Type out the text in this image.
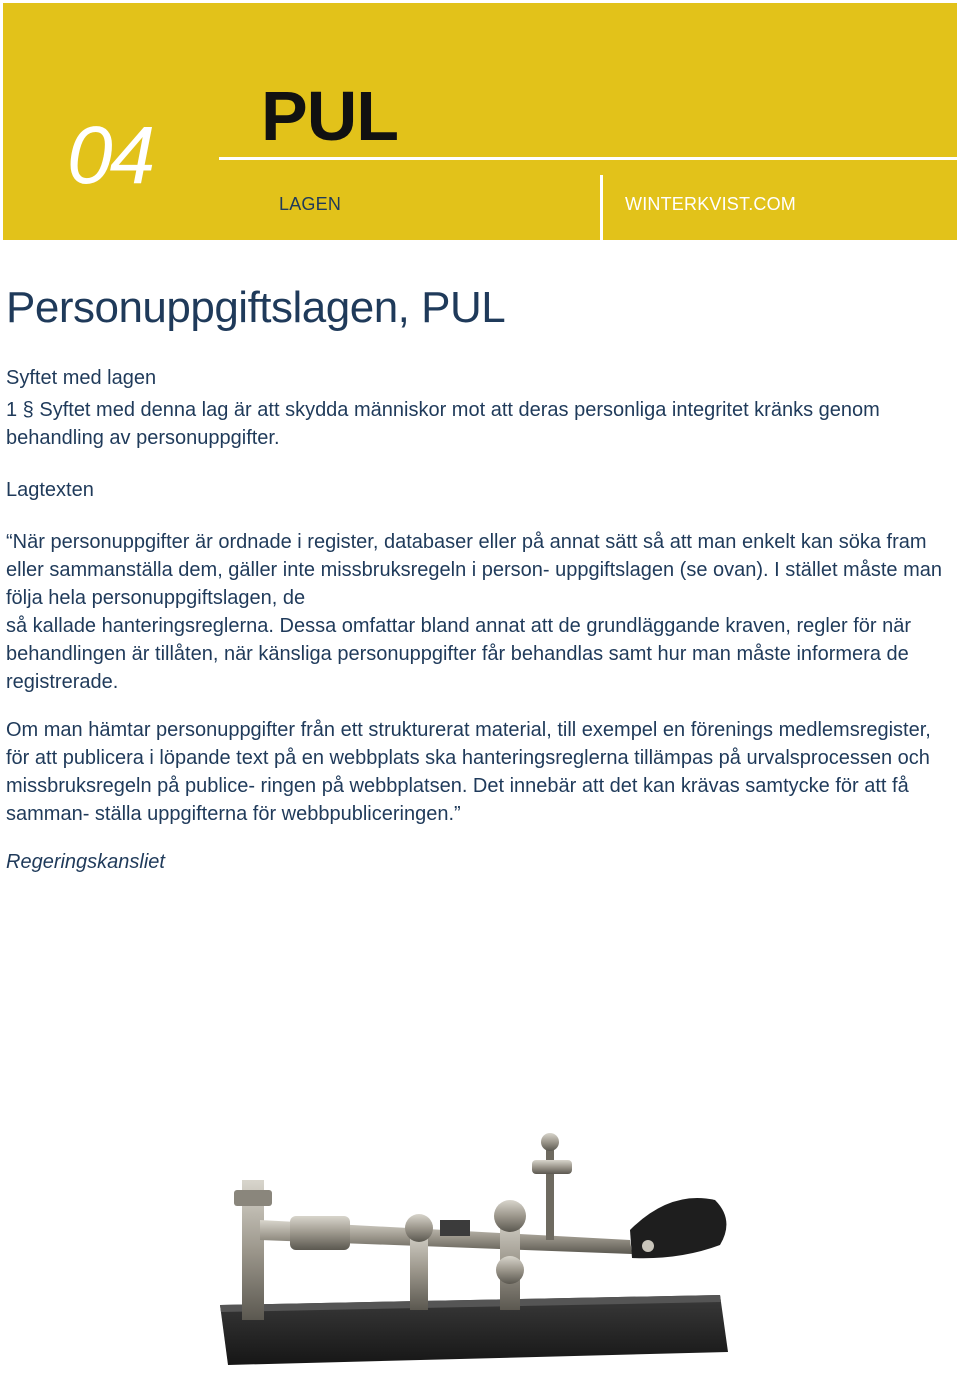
04 PUL
LAGEN	WINTERKVIST.COM
Personuppgiftslagen, PUL
Syftet med lagen

1 § Syftet med denna lag är att skydda människor mot att deras personliga integritet kränks genom behandling av personuppgifter.

Lagtexten

“När personuppgifter är ordnade i register, databaser eller på annat sätt så att man enkelt kan söka fram eller sammanställa dem, gäller inte missbruksregeln i person- uppgiftslagen (se ovan). I stället måste man följa hela personuppgiftslagen, de

så kallade hanteringsreglerna. Dessa omfattar bland annat att de grundläggande kraven, regler för när behandlingen är tillåten, när känsliga personuppgifter får behandlas samt hur man måste informera de registrerade.

Om man hämtar personuppgifter från ett strukturerat material, till exempel en förenings medlemsregister, för att publicera i löpande text på en webbplats ska hanteringsreglerna tillämpas på urvalsprocessen och missbruksregeln på publice- ringen på webbplatsen. Det innebär att det kan krävas samtycke för att få samman- ställa uppgifterna för webbpubliceringen.”

Regeringskansliet
